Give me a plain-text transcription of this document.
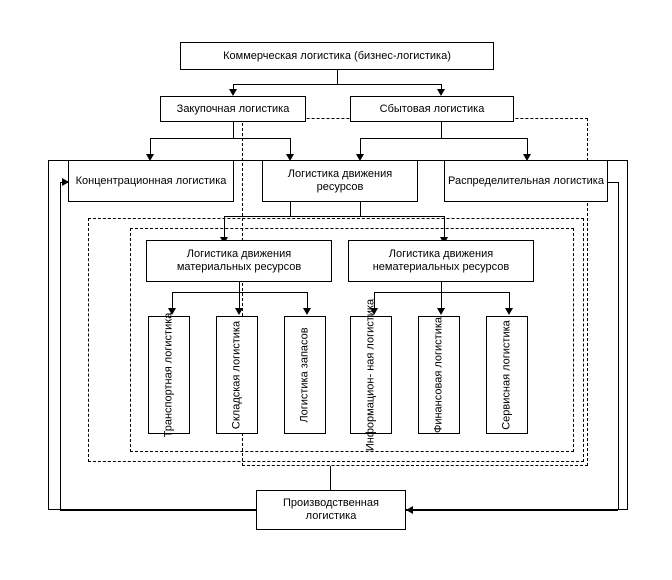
Коммерческая логистика (бизнес-логистика)
Закупочная логистика	Сбытовая логистика
Концентрационная логистика
Логистика движения ресурсов
Распределительная логистика
Логистика движения материальных ресурсов
Логистика движения нематериальных ресурсов
Транспортная логистика	Складская логистика	Логистика запасов	Информацион- ная логистика	Финансовая логистика	Сервисная логистика
Производственная логистика
